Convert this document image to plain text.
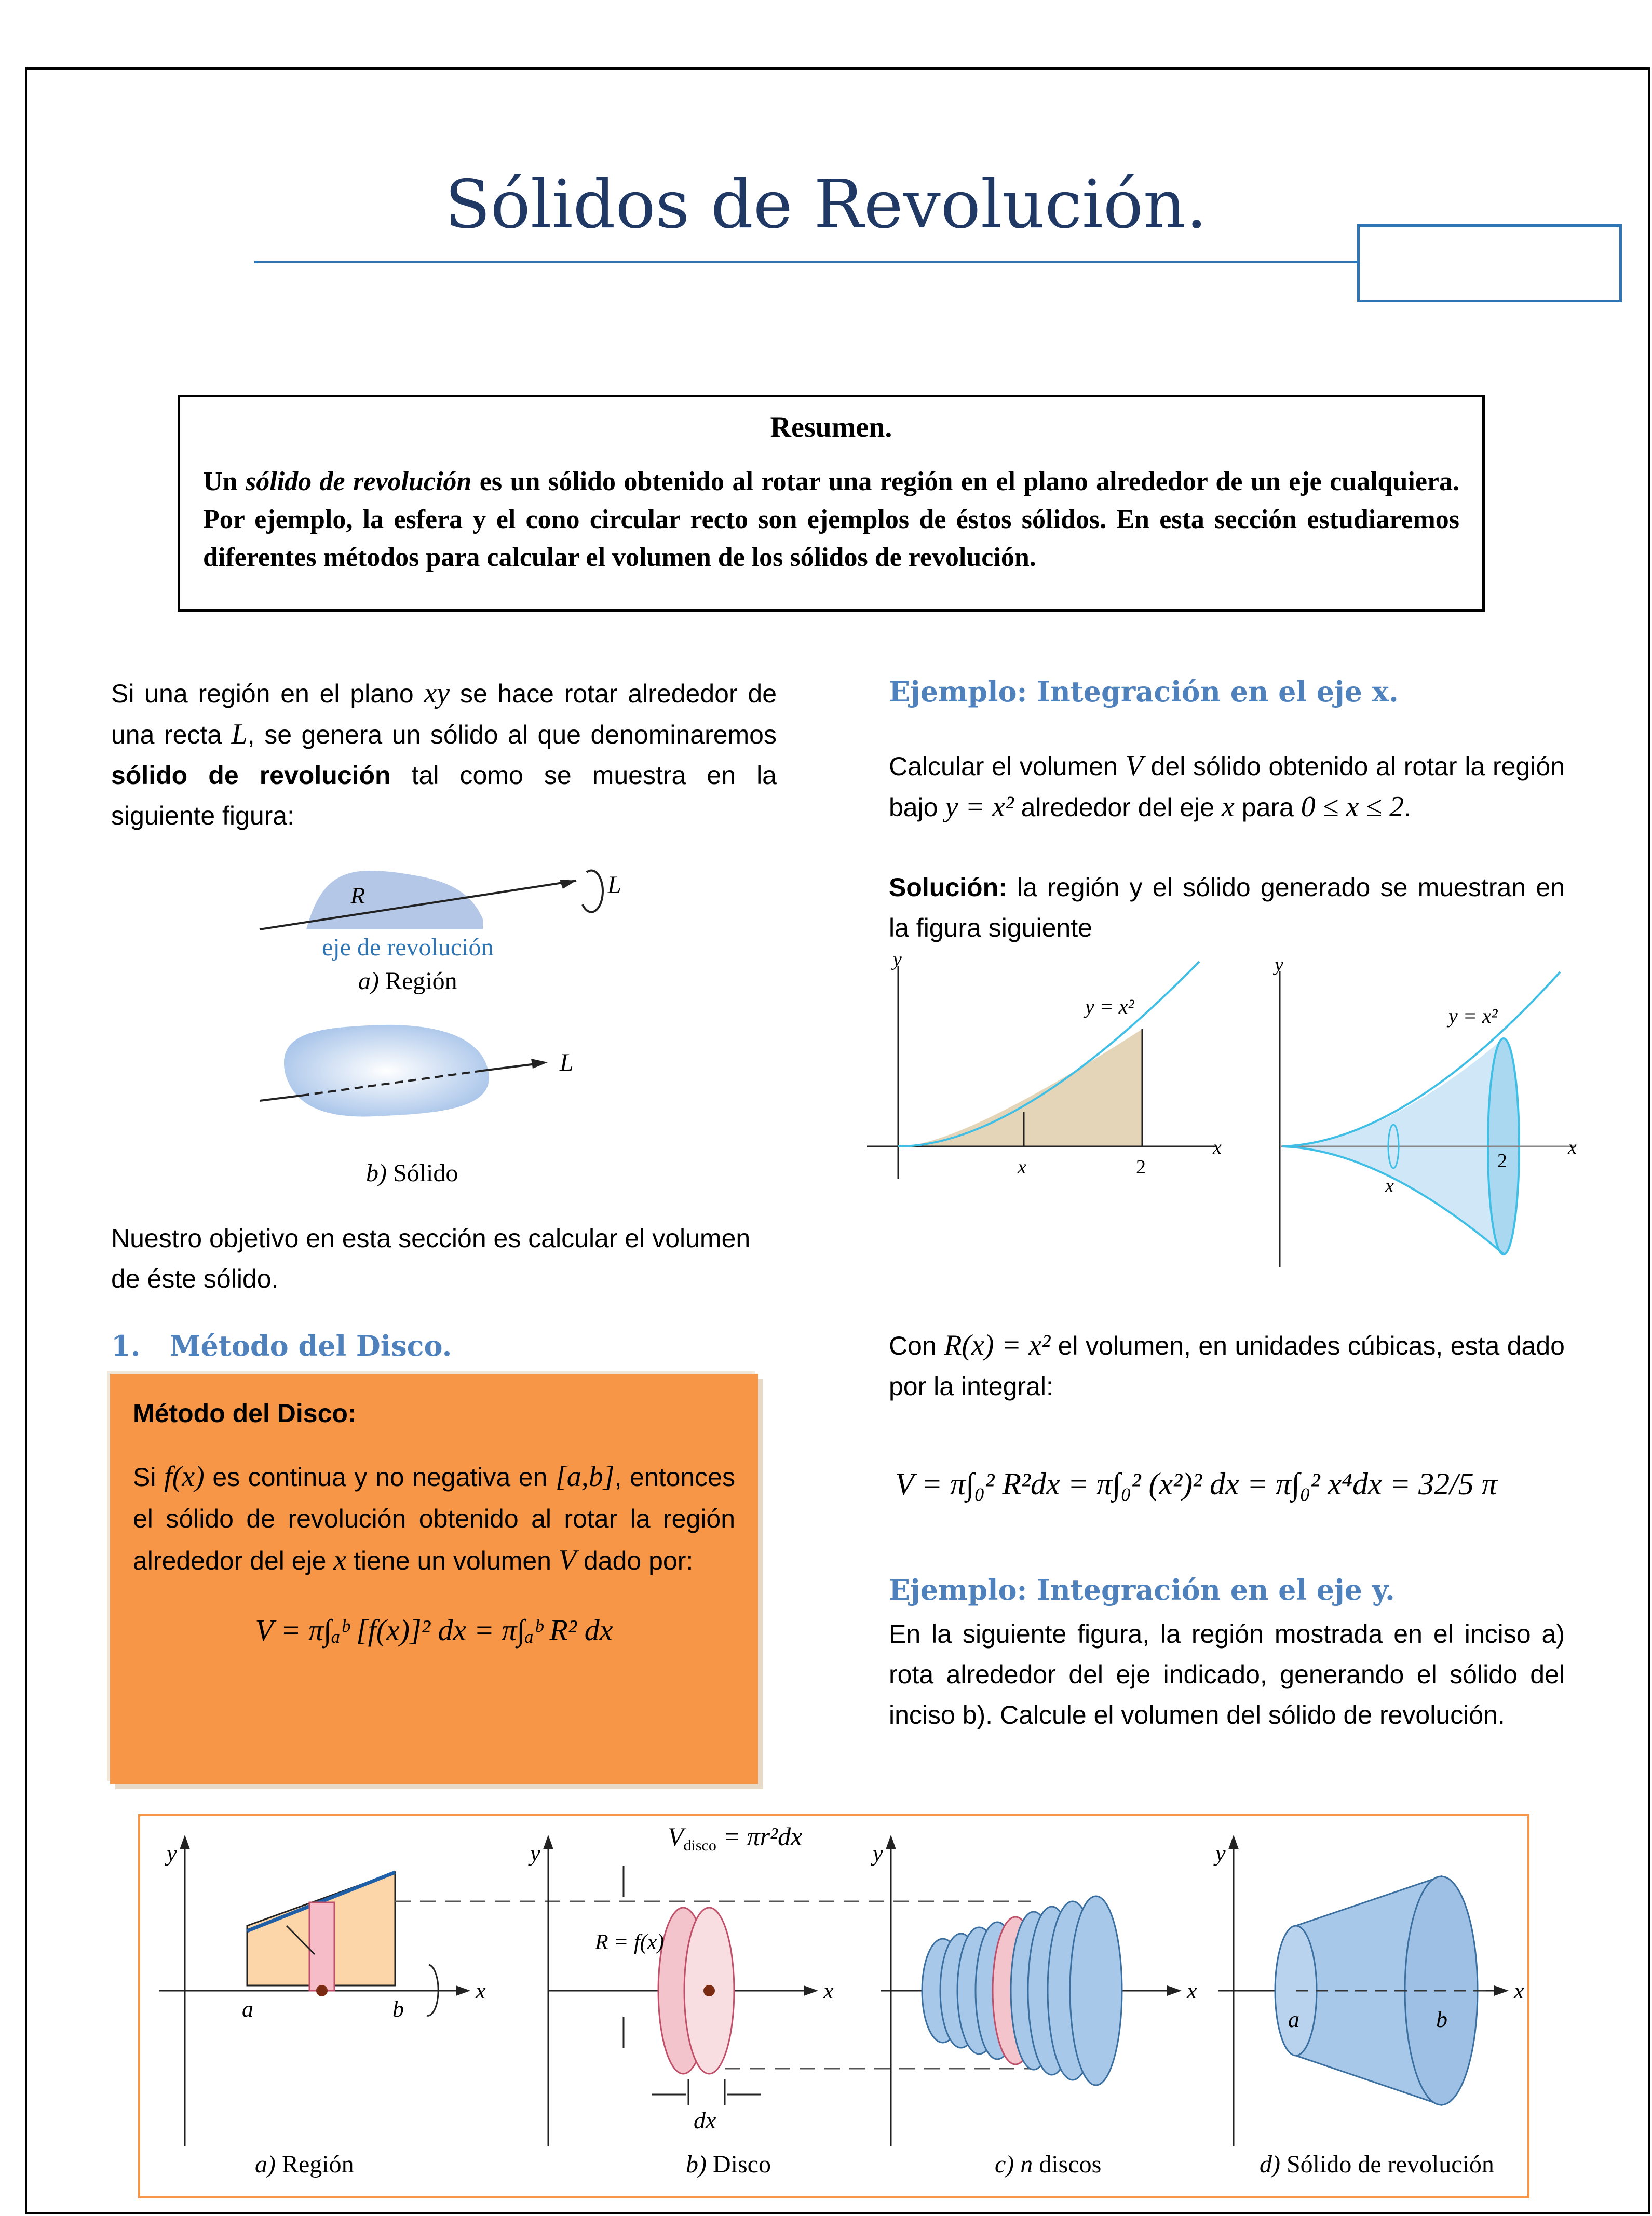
Sólidos de Revolución.
Resumen.
Un sólido de revolución es un sólido obtenido al rotar una región en el plano alrededor de un eje cualquiera. Por ejemplo, la esfera y el cono circular recto son ejemplos de éstos sólidos. En esta sección estudiaremos diferentes métodos para calcular el volumen de los sólidos de revolución.
Si una región en el plano xy se hace rotar alrededor de una recta L, se genera un sólido al que denominaremos sólido de revolución tal como se muestra en la siguiente figura:
R	L
eje de revolución
a) Región
L
b) Sólido
Nuestro objetivo en esta sección es calcular el volumen de éste sólido.
1. Método del Disco.
Método del Disco:
Si f(x) es continua y no negativa en [a,b], entonces el sólido de revolución obtenido al rotar la región alrededor del eje x tiene un volumen V dado por:
V = π∫ₐᵇ [f(x)]² dx = π∫ₐᵇ R² dx
Ejemplo: Integración en el eje x.
Calcular el volumen V del sólido obtenido al rotar la región bajo y = x² alrededor del eje x para 0 ≤ x ≤ 2.
Solución: la región y el sólido generado se muestran en la figura siguiente
y
x
y = x²
x	2
y
x
y = x²
x
2
Con R(x) = x² el volumen, en unidades cúbicas, esta dado por la integral:
V = π∫₀² R²dx = π∫₀² (x²)² dx = π∫₀² x⁴dx = 32/5 π
Ejemplo: Integración en el eje y.
En la siguiente figura, la región mostrada en el inciso a) rota alrededor del eje indicado, generando el sólido del inciso b). Calcule el volumen del sólido de revolución.
y
x
a	b
a) Región
y
x
$V_{disco} = \pi r^2dx$
R = f(x)
dx
b) Disco
y
x
c) n discos
y
x
a	b
d) Sólido de revolución
